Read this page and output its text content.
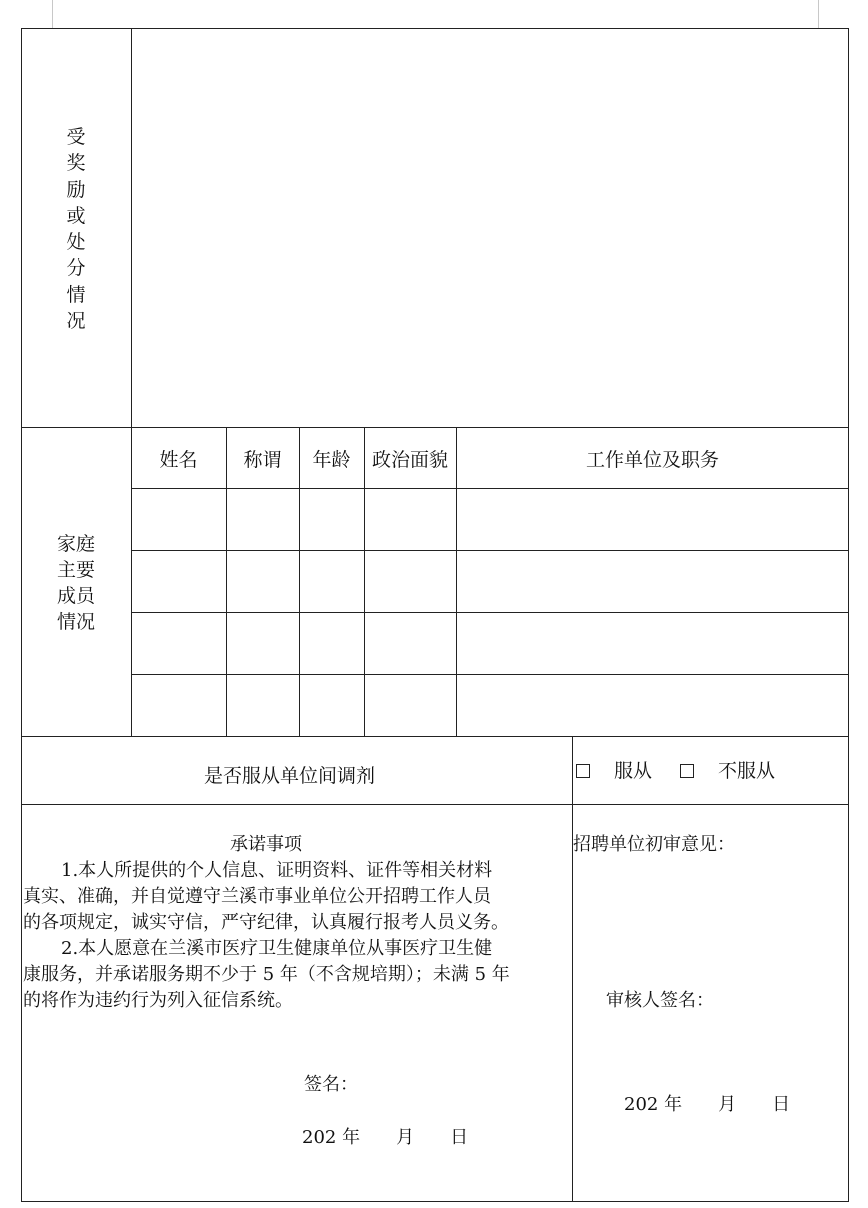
受
奖
励
或
处
分
情
况
家庭
主要
成员
情况
姓名	称谓	年龄	政治面貌	工作单位及职务
是否服从单位间调剂	服从	不服从
承诺事项

1.本人所提供的个人信息、证明资料、证件等相关材料

真实、准确，并自觉遵守兰溪市事业单位公开招聘工作人员

的各项规定，诚实守信，严守纪律，认真履行报考人员义务。

2.本人愿意在兰溪市医疗卫生健康单位从事医疗卫生健

康服务，并承诺服务期不少于 5 年（不含规培期）；未满 5 年

的将作为违约行为列入征信系统。

签名：
202 年　　月　　日
招聘单位初审意见：
审核人签名：
202 年　　月　　日
